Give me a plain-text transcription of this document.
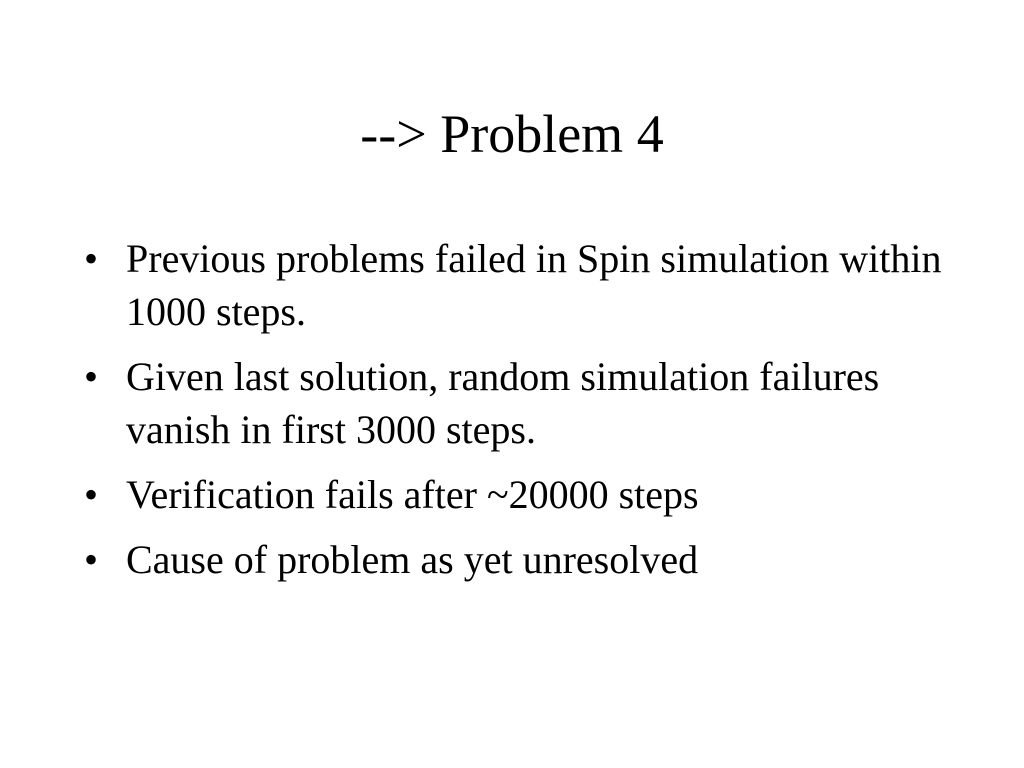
--> Problem 4
• Previous problems failed in Spin simulation within 1000 steps.
• Given last solution, random simulation failures vanish in first 3000 steps.
• Verification fails after ~20000 steps
• Cause of problem as yet unresolved
